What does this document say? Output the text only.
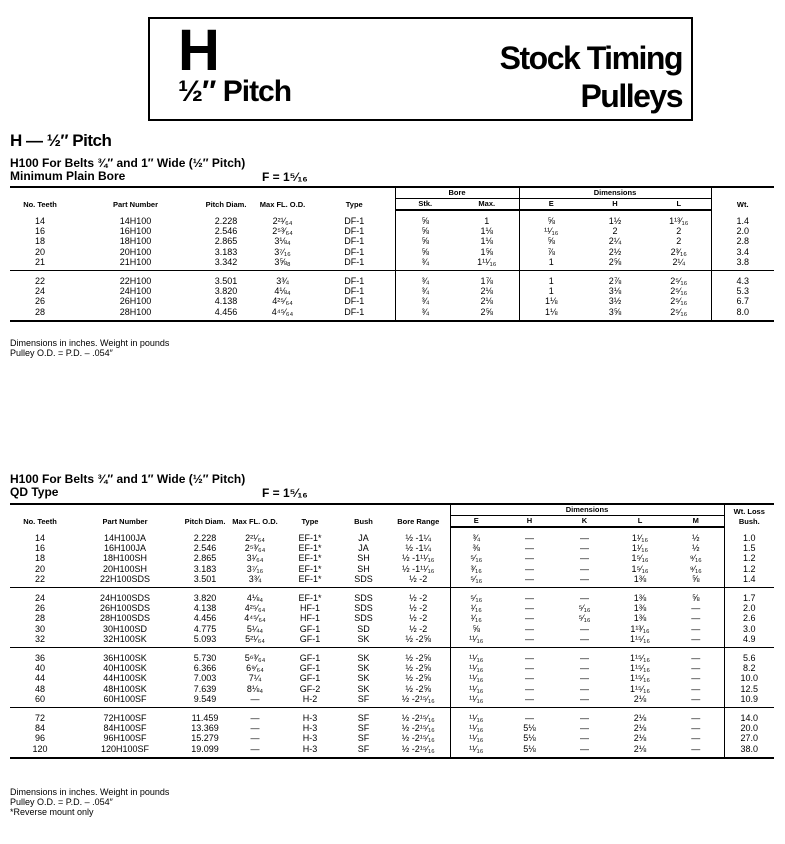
H
½″ Pitch
Stock Timing
Pulleys
H — ½″ Pitch
H100 For Belts ¾″ and 1″ Wide (½″ Pitch)
Minimum Plain Bore	F = 1⁵⁄₁₆
No. Teeth	Part Number	Pitch Diam.	Max FL. O.D.	Type	Bore		Dimensions			Wt.
					Stk.	Max.	E	H	L	
14	14H100	2.228	2²¹⁄₆₄	DF-1	⅝	1	⅝	1½	1¹³⁄₁₆	1.4
16	16H100	2.546	2⁵³⁄₆₄	DF-1	⅝	1⅛	¹¹⁄₁₆	2	2	2.0
18	18H100	2.865	3⅛₄	DF-1	⅝	1⅛	⅝	2¼	2	2.8
20	20H100	3.183	3⁷⁄₁₆	DF-1	⅝	1⅝	⅞	2½	2³⁄₁₆	3.4
21	21H100	3.342	3⅝₈	DF-1	¾	1¹¹⁄₁₆	1	2⅝	2¼	3.8
22	22H100	3.501	3¾	DF-1	¾	1⅞	1	2⅞	2⁵⁄₁₆	4.3
24	24H100	3.820	4⅛₄	DF-1	¾	2⅛	1	3⅛	2⁵⁄₁₆	5.3
26	26H100	4.138	4²⁵⁄₆₄	DF-1	¾	2⅛	1⅛	3½	2⁵⁄₁₆	6.7
28	28H100	4.456	4⁴⁵⁄₆₄	DF-1	¾	2⅝	1⅛	3⅝	2⁵⁄₁₆	8.0
Dimensions in inches. Weight in pounds
Pulley O.D. = P.D. – .054″
H100 For Belts ¾″ and 1″ Wide (½″ Pitch)
QD Type	F = 1⁵⁄₁₆
No. Teeth	Part Number	Pitch Diam.	Max FL. O.D.	Type	Bush	Bore Range	Dimensions					Wt. Loss Bush.
							E	H	K	L	M	
14	14H100JA	2.228	2²¹⁄₆₄	EF-1*	JA	½ -1¼	¾	—	—	1¹⁄₁₆	½	1.0
16	16H100JA	2.546	2⁵³⁄₆₄	EF-1*	JA	½ -1¼	⅜	—	—	1¹⁄₁₆	½	1.5
18	18H100SH	2.865	3¹⁄₆₄	EF-1*	SH	½ -1¹¹⁄₁₆	⁵⁄₁₆	—	—	1⁵⁄₁₆	⁹⁄₁₆	1.2
20	20H100SH	3.183	3⁷⁄₁₆	EF-1*	SH	½ -1¹¹⁄₁₆	³⁄₁₆	—	—	1⁵⁄₁₆	⁹⁄₁₆	1.2
22	22H100SDS	3.501	3¾	EF-1*	SDS	½ -2	⁵⁄₁₆	—	—	1⅜	⅝	1.4
24	24H100SDS	3.820	4⅛₄	EF-1*	SDS	½ -2	⁵⁄₁₆	—	—	1⅜	⅝	1.7
26	26H100SDS	4.138	4²⁵⁄₆₄	HF-1	SDS	½ -2	¹⁄₁₆	—	⁵⁄₁₆	1⅜	—	2.0
28	28H100SDS	4.456	4⁴⁵⁄₆₄	HF-1	SDS	½ -2	¹⁄₁₆	—	⁵⁄₁₆	1⅜	—	2.6
30	30H100SD	4.775	5¼₄	GF-1	SD	½ -2	⅝	—	—	1¹³⁄₁₆	—	3.0
32	32H100SK	5.093	5²¹⁄₆₄	GF-1	SK	½ -2⅝	¹¹⁄₁₆	—	—	1¹⁵⁄₁₆	—	4.9
36	36H100SK	5.730	5⁶³⁄₆₄	GF-1	SK	½ -2⅝	¹¹⁄₁₆	—	—	1¹⁵⁄₁₆	—	5.6
40	40H100SK	6.366	6⁹⁄₆₄	GF-1	SK	½ -2⅝	¹¹⁄₁₆	—	—	1¹⁵⁄₁₆	—	8.2
44	44H100SK	7.003	7¼	GF-1	SK	½ -2⅝	¹¹⁄₁₆	—	—	1¹⁵⁄₁₆	—	10.0
48	48H100SK	7.639	8⅛₄	GF-2	SK	½ -2⅝	¹¹⁄₁₆	—	—	1¹⁵⁄₁₆	—	12.5
60	60H100SF	9.549	—	H-2	SF	½ -2¹⁵⁄₁₆	¹¹⁄₁₆	—	—	2⅛	—	10.9
72	72H100SF	11.459	—	H-3	SF	½ -2¹⁵⁄₁₆	¹¹⁄₁₆	—	—	2⅛	—	14.0
84	84H100SF	13.369	—	H-3	SF	½ -2¹⁵⁄₁₆	¹¹⁄₁₆	5⅛	—	2⅛	—	20.0
96	96H100SF	15.279	—	H-3	SF	½ -2¹⁵⁄₁₆	¹¹⁄₁₆	5⅛	—	2⅛	—	27.0
120	120H100SF	19.099	—	H-3	SF	½ -2¹⁵⁄₁₆	¹¹⁄₁₆	5⅛	—	2⅛	—	38.0
Dimensions in inches. Weight in pounds
Pulley O.D. = P.D. – .054″
*Reverse mount only
